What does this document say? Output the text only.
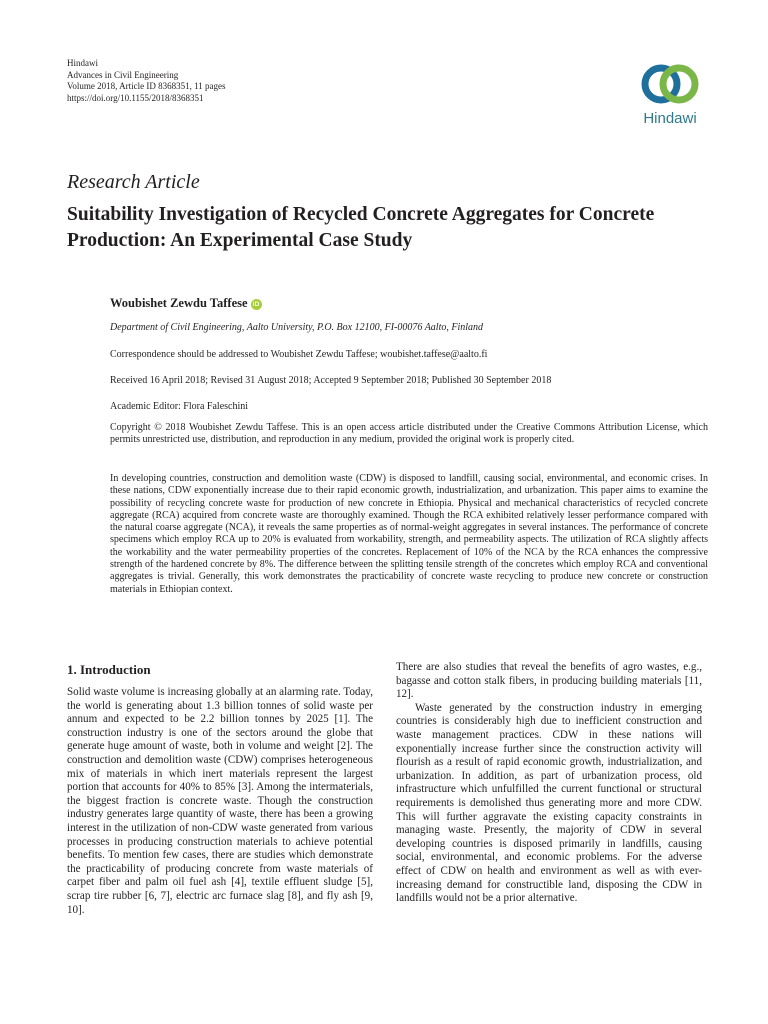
Hindawi
Advances in Civil Engineering
Volume 2018, Article ID 8368351, 11 pages
https://doi.org/10.1155/2018/8368351
Hindawi
Research Article
Suitability Investigation of Recycled Concrete Aggregates for Concrete Production: An Experimental Case Study
Woubishet Zewdu Taffese iD
Department of Civil Engineering, Aalto University, P.O. Box 12100, FI-00076 Aalto, Finland
Correspondence should be addressed to Woubishet Zewdu Taffese; woubishet.taffese@aalto.fi
Received 16 April 2018; Revised 31 August 2018; Accepted 9 September 2018; Published 30 September 2018
Academic Editor: Flora Faleschini
Copyright © 2018 Woubishet Zewdu Taffese. This is an open access article distributed under the Creative Commons Attribution License, which permits unrestricted use, distribution, and reproduction in any medium, provided the original work is properly cited.

In developing countries, construction and demolition waste (CDW) is disposed to landfill, causing social, environmental, and economic crises. In these nations, CDW exponentially increase due to their rapid economic growth, industrialization, and urbanization. This paper aims to examine the possibility of recycling concrete waste for production of new concrete in Ethiopia. Physical and mechanical characteristics of recycled concrete aggregate (RCA) acquired from concrete waste are thoroughly examined. Though the RCA exhibited relatively lesser performance compared with the natural coarse aggregate (NCA), it reveals the same properties as of normal-weight aggregates in several instances. The performance of concrete specimens which employ RCA up to 20% is evaluated from workability, strength, and permeability aspects. The utilization of RCA slightly affects the workability and the water permeability properties of the concretes. Replacement of 10% of the NCA by the RCA enhances the compressive strength of the hardened concrete by 8%. The difference between the splitting tensile strength of the concretes which employ RCA and conventional aggregates is trivial. Generally, this work demonstrates the practicability of concrete waste recycling to produce new concrete or construction materials in Ethiopian context.

1. Introduction

Solid waste volume is increasing globally at an alarming rate. Today, the world is generating about 1.3 billion tonnes of solid waste per annum and expected to be 2.2 billion tonnes by 2025 [1]. The construction industry is one of the sectors around the globe that generate huge amount of waste, both in volume and weight [2]. The construction and demolition waste (CDW) comprises heterogeneous mix of materials in which inert materials represent the largest portion that accounts for 40% to 85% [3]. Among the intermaterials, the biggest fraction is concrete waste. Though the construction industry generates large quantity of waste, there has been a growing interest in the utilization of non-CDW waste generated from various processes in producing construction materials to achieve potential benefits. To mention few cases, there are studies which demonstrate the practicability of producing concrete from waste materials of carpet fiber and palm oil fuel ash [4], textile effluent sludge [5], scrap tire rubber [6, 7], electric arc furnace slag [8], and fly ash [9, 10].

There are also studies that reveal the benefits of agro wastes, e.g., bagasse and cotton stalk fibers, in producing building materials [11, 12].

Waste generated by the construction industry in emerging countries is considerably high due to inefficient construction and waste management practices. CDW in these nations will exponentially increase further since the construction activity will flourish as a result of rapid economic growth, industrialization, and urbanization. In addition, as part of urbanization process, old infrastructure which unfulfilled the current functional or structural requirements is demolished thus generating more and more CDW. This will further aggravate the existing capacity constraints in managing waste. Presently, the majority of CDW in several developing countries is disposed primarily in landfills, causing social, environmental, and economic problems. For the adverse effect of CDW on health and environment as well as with ever-increasing demand for constructible land, disposing the CDW in landfills would not be a prior alternative.
